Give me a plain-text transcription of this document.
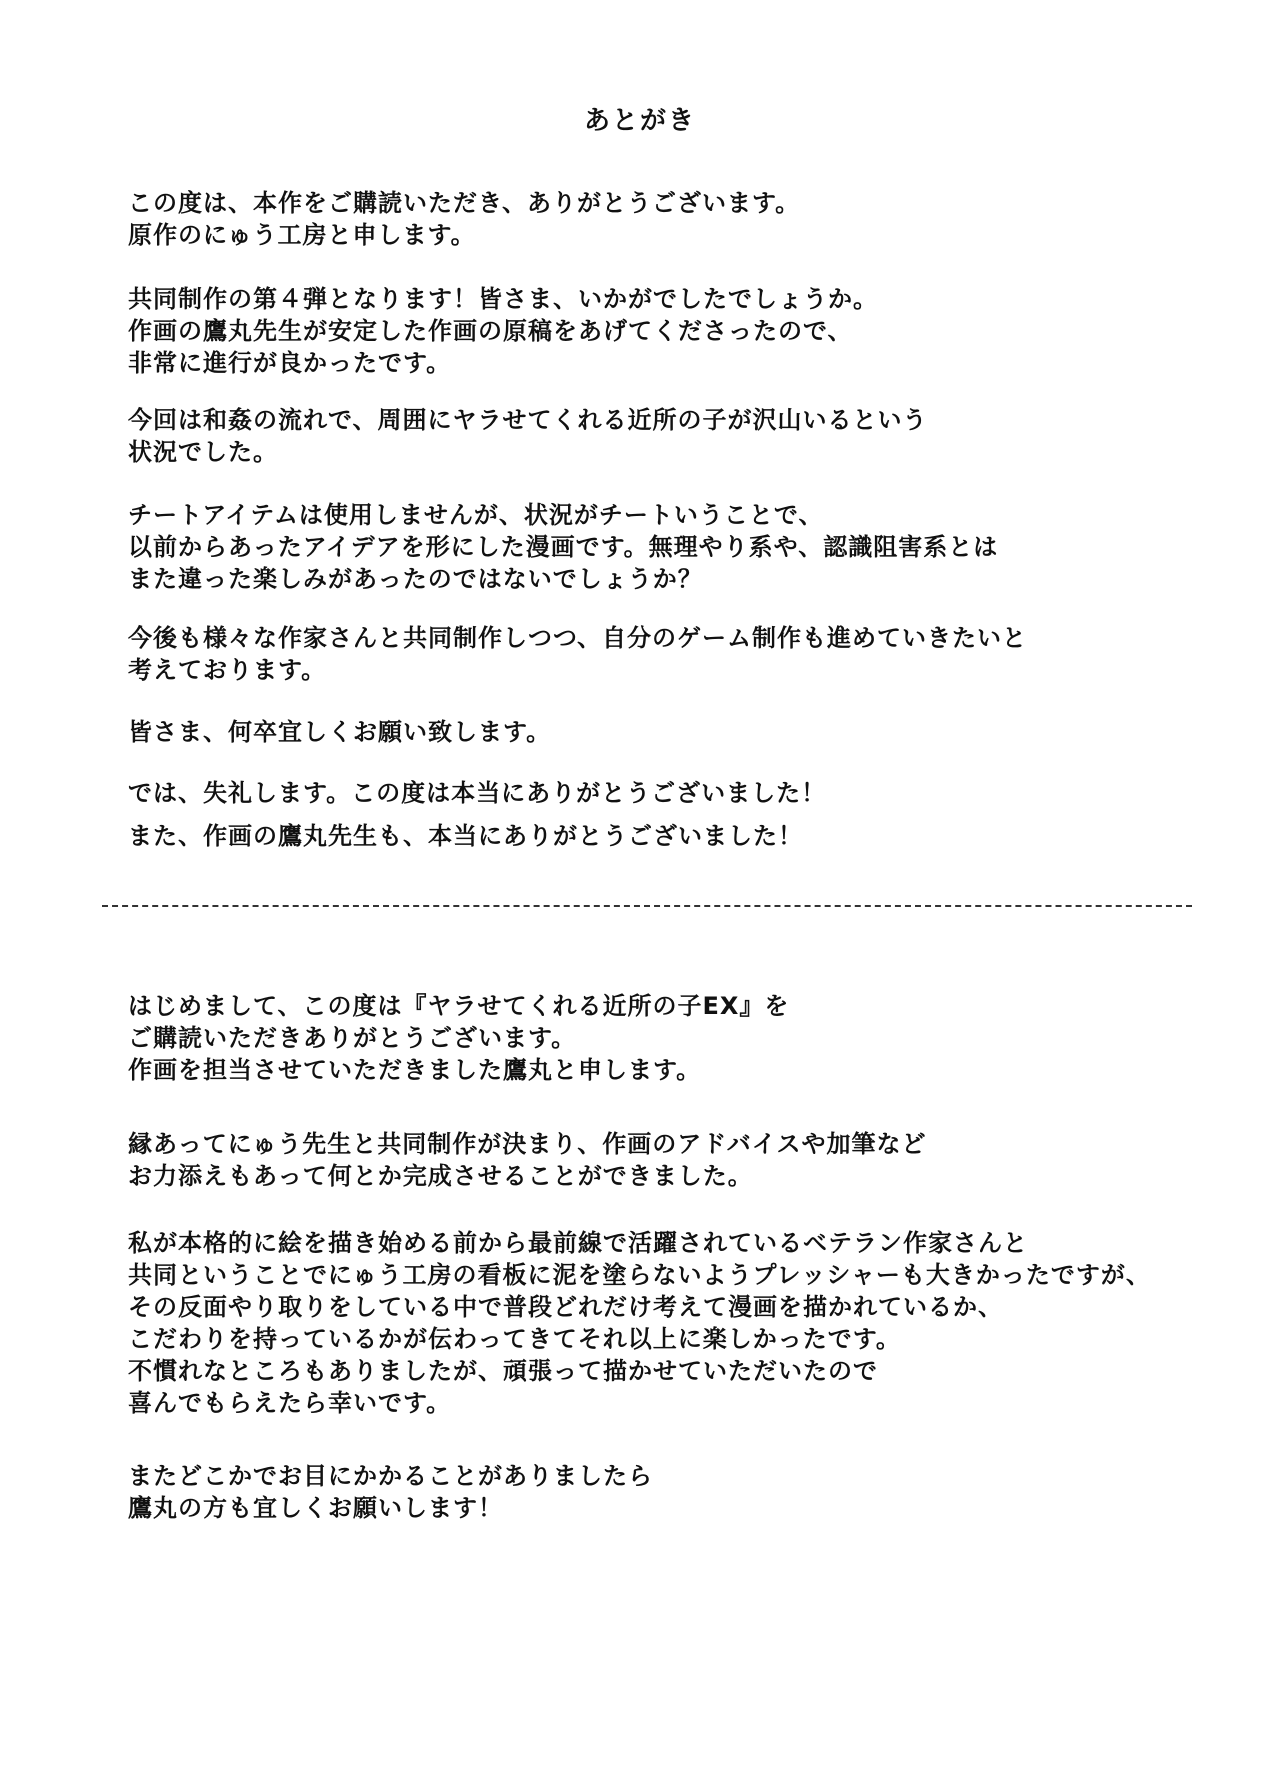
あとがき
この度は、本作をご購読いただき、ありがとうございます。
原作のにゅう工房と申します。
共同制作の第４弾となります！皆さま、いかがでしたでしょうか。
作画の鷹丸先生が安定した作画の原稿をあげてくださったので、
非常に進行が良かったです。
今回は和姦の流れで、周囲にヤラせてくれる近所の子が沢山いるという
状況でした。
チートアイテムは使用しませんが、状況がチートいうことで、
以前からあったアイデアを形にした漫画です。無理やり系や、認識阻害系とは
また違った楽しみがあったのではないでしょうか？
今後も様々な作家さんと共同制作しつつ、自分のゲーム制作も進めていきたいと
考えております。
皆さま、何卒宜しくお願い致します。
では、失礼します。この度は本当にありがとうございました！
また、作画の鷹丸先生も、本当にありがとうございました！
はじめまして、この度は『ヤラせてくれる近所の子EX』を
ご購読いただきありがとうございます。
作画を担当させていただきました鷹丸と申します。
縁あってにゅう先生と共同制作が決まり、作画のアドバイスや加筆など
お力添えもあって何とか完成させることができました。
私が本格的に絵を描き始める前から最前線で活躍されているベテラン作家さんと
共同ということでにゅう工房の看板に泥を塗らないようプレッシャーも大きかったですが、
その反面やり取りをしている中で普段どれだけ考えて漫画を描かれているか、
こだわりを持っているかが伝わってきてそれ以上に楽しかったです。
不慣れなところもありましたが、頑張って描かせていただいたので
喜んでもらえたら幸いです。
またどこかでお目にかかることがありましたら
鷹丸の方も宜しくお願いします！
